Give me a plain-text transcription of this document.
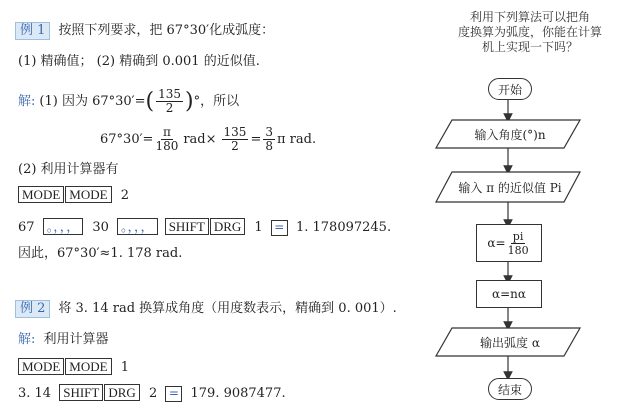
例 1 按照下列要求，把 67°30′化成弧度：
(1) 精确值； (2) 精确到 0.001 的近似值.
解: (1) 因为 67°30′= ( $\frac{135}{2}$ ) °，所以
$67^\circ 30'= \frac{\pi}{180} rad\times \frac{135}{2} = \frac{3}{8}$ π rad.
(2) 利用计算器有
MODE MODE 2
67 。，，， 30 。，，， SHIFT DRG 1 = 1. 178097245.
因此，67°30′≈1. 178 rad.
例 2 将 3. 14 rad 换算成角度（用度数表示，精确到 0. 001）.
解: 利用计算器
MODE MODE 1
3. 14 SHIFT DRG 2 = 179. 9087477.
利用下列算法可以把角
度换算为弧度，你能在计算
机上实现一下吗？
开始
输入角度(°)n
输入 π 的近似值 Pi
$\alpha= \frac{pi}{180}$
α=nα
输出弧度 α
结束
